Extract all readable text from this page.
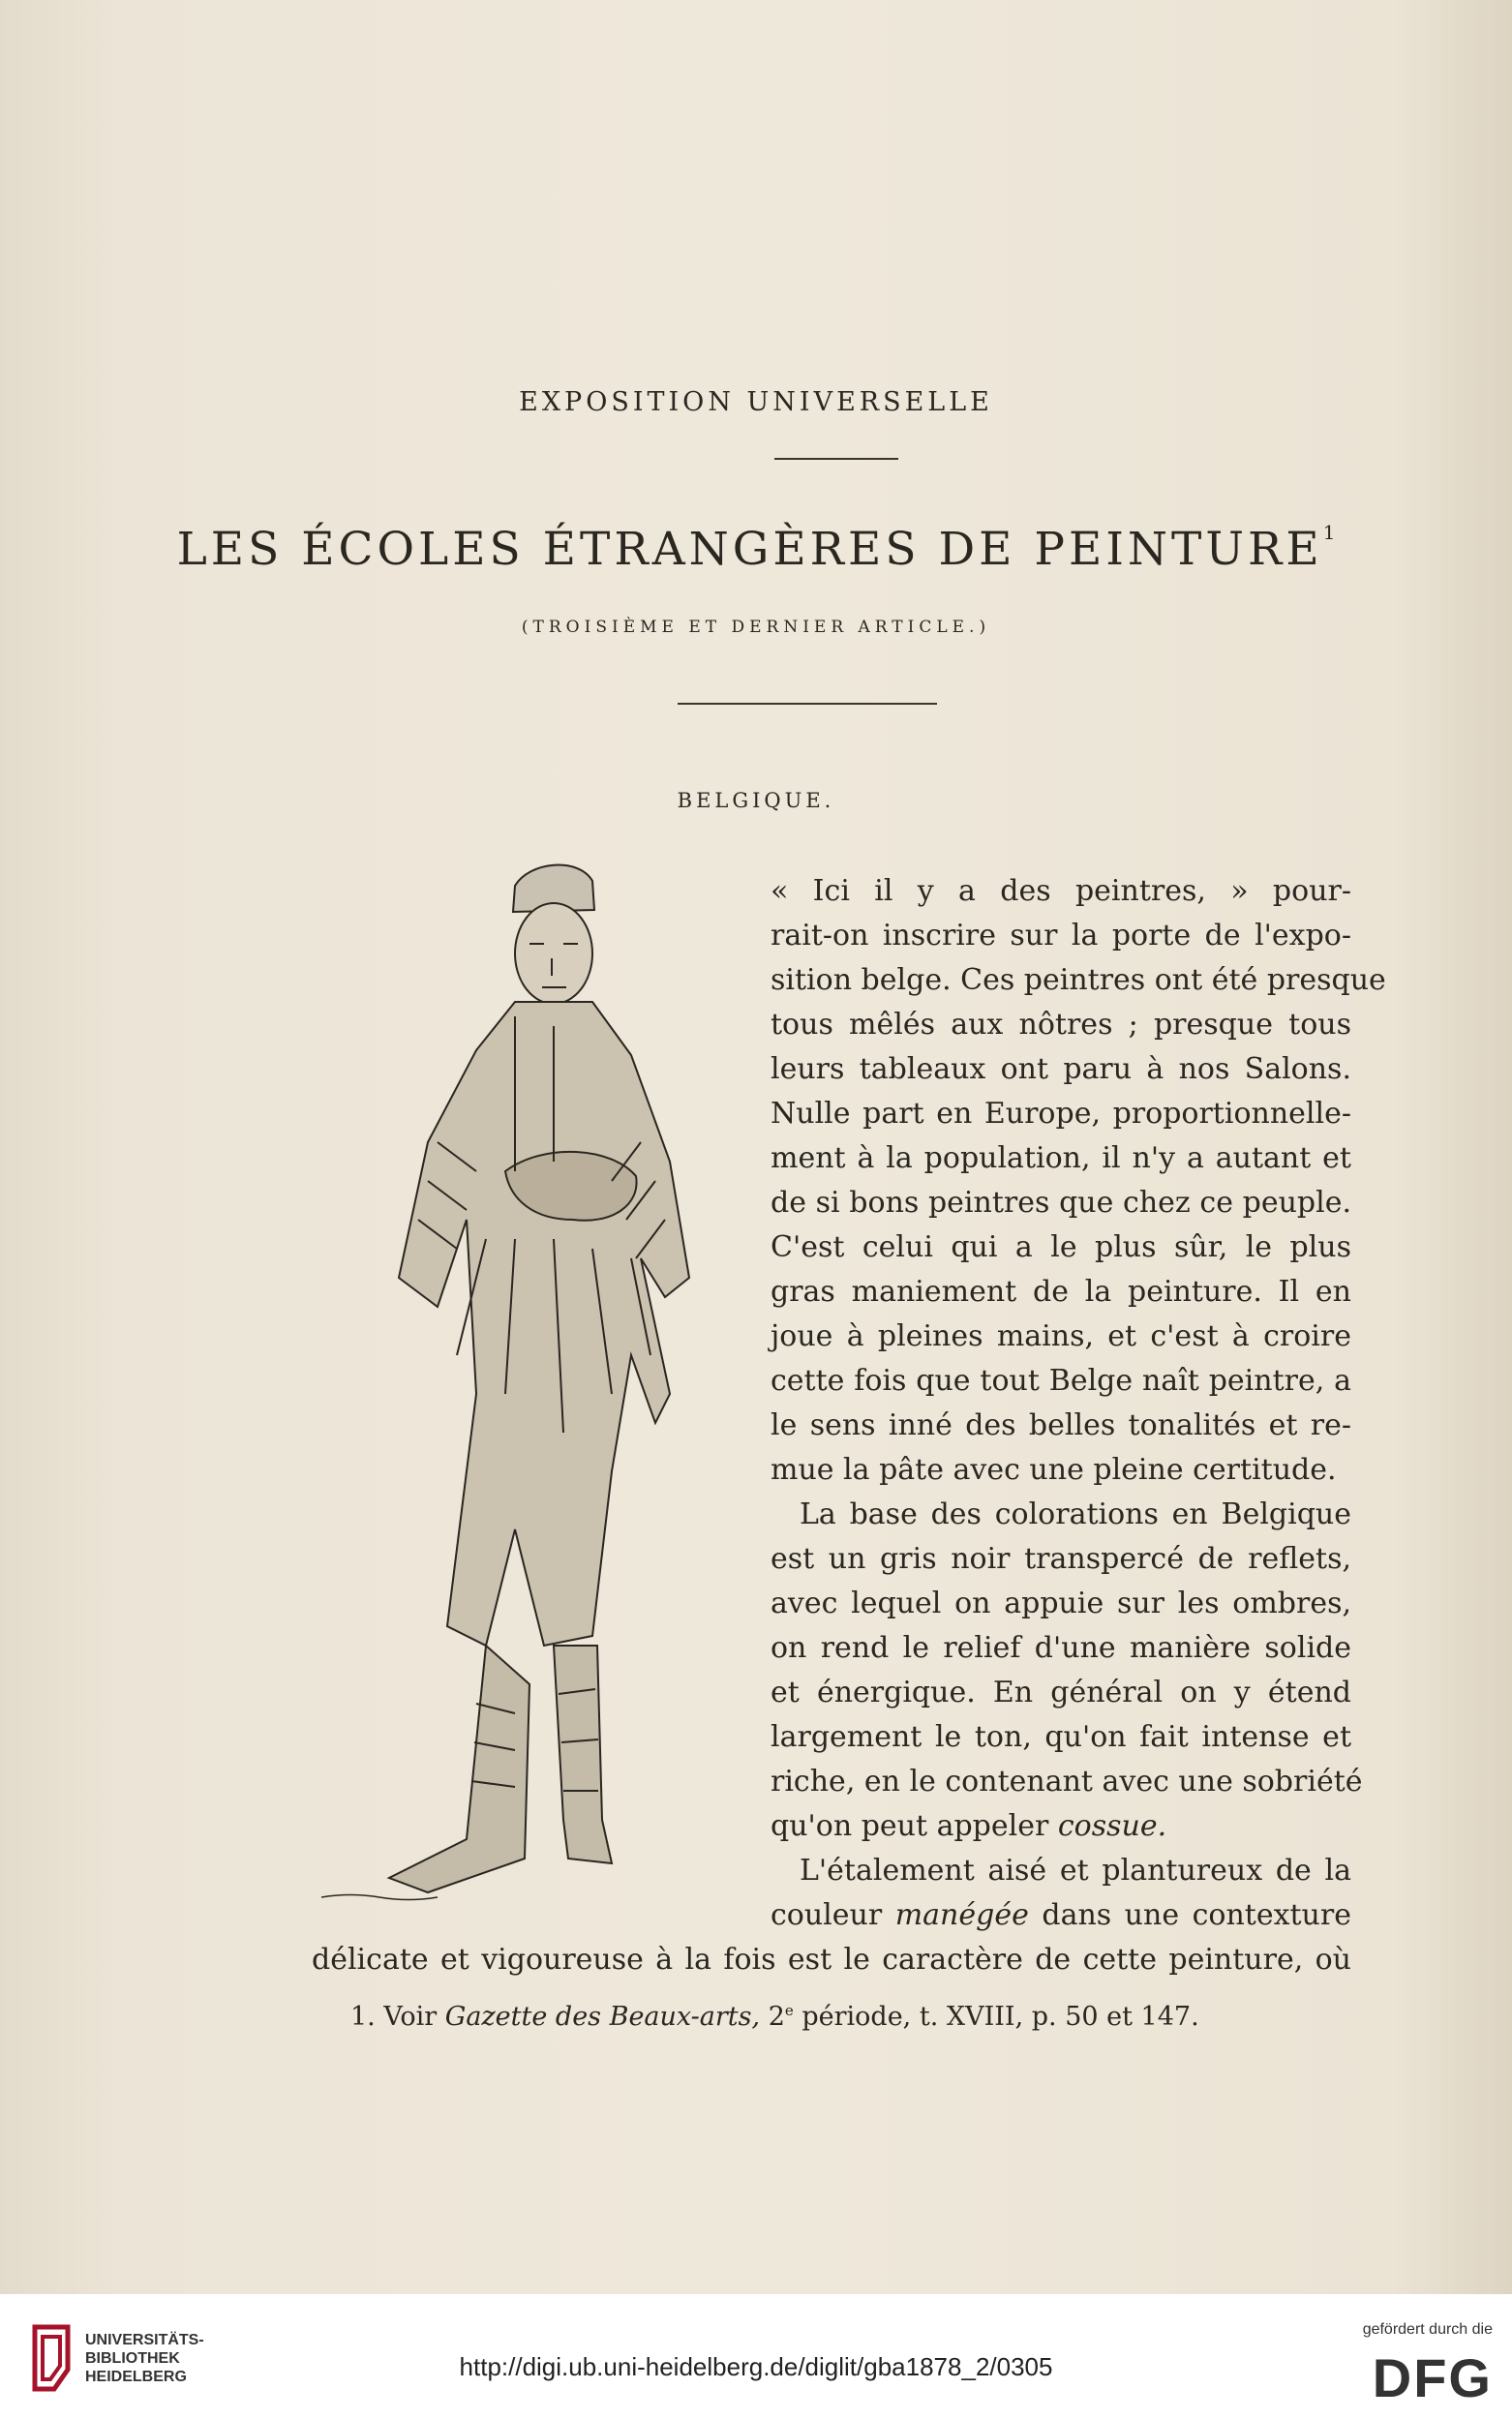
EXPOSITION UNIVERSELLE
LES ÉCOLES ÉTRANGÈRES DE PEINTURE$^1$
(TROISIÈME ET DERNIER ARTICLE.)
BELGIQUE.
« Ici il y a des peintres, » pour-
rait-on inscrire sur la porte de l'expo-
sition belge. Ces peintres ont été presque
tous mêlés aux nôtres ; presque tous
leurs tableaux ont paru à nos Salons.
Nulle part en Europe, proportionnelle-
ment à la population, il n'y a autant et
de si bons peintres que chez ce peuple.
C'est celui qui a le plus sûr, le plus
gras maniement de la peinture. Il en
joue à pleines mains, et c'est à croire
cette fois que tout Belge naît peintre, a
le sens inné des belles tonalités et re-
mue la pâte avec une pleine certitude.
La base des colorations en Belgique
est un gris noir transpercé de reflets,
avec lequel on appuie sur les ombres,
on rend le relief d'une manière solide
et énergique. En général on y étend
largement le ton, qu'on fait intense et
riche, en le contenant avec une sobriété
qu'on peut appeler cossue.
L'étalement aisé et plantureux de la
couleur manégée dans une contexture
délicate et vigoureuse à la fois est le caractère de cette peinture, où
1. Voir Gazette des Beaux-arts, 2e période, t. XVIII, p. 50 et 147.
UNIVERSITÄTS-
BIBLIOTHEK
HEIDELBERG	http://digi.ub.uni-heidelberg.de/diglit/gba1878_2/0305
gefördert durch die
DFG
